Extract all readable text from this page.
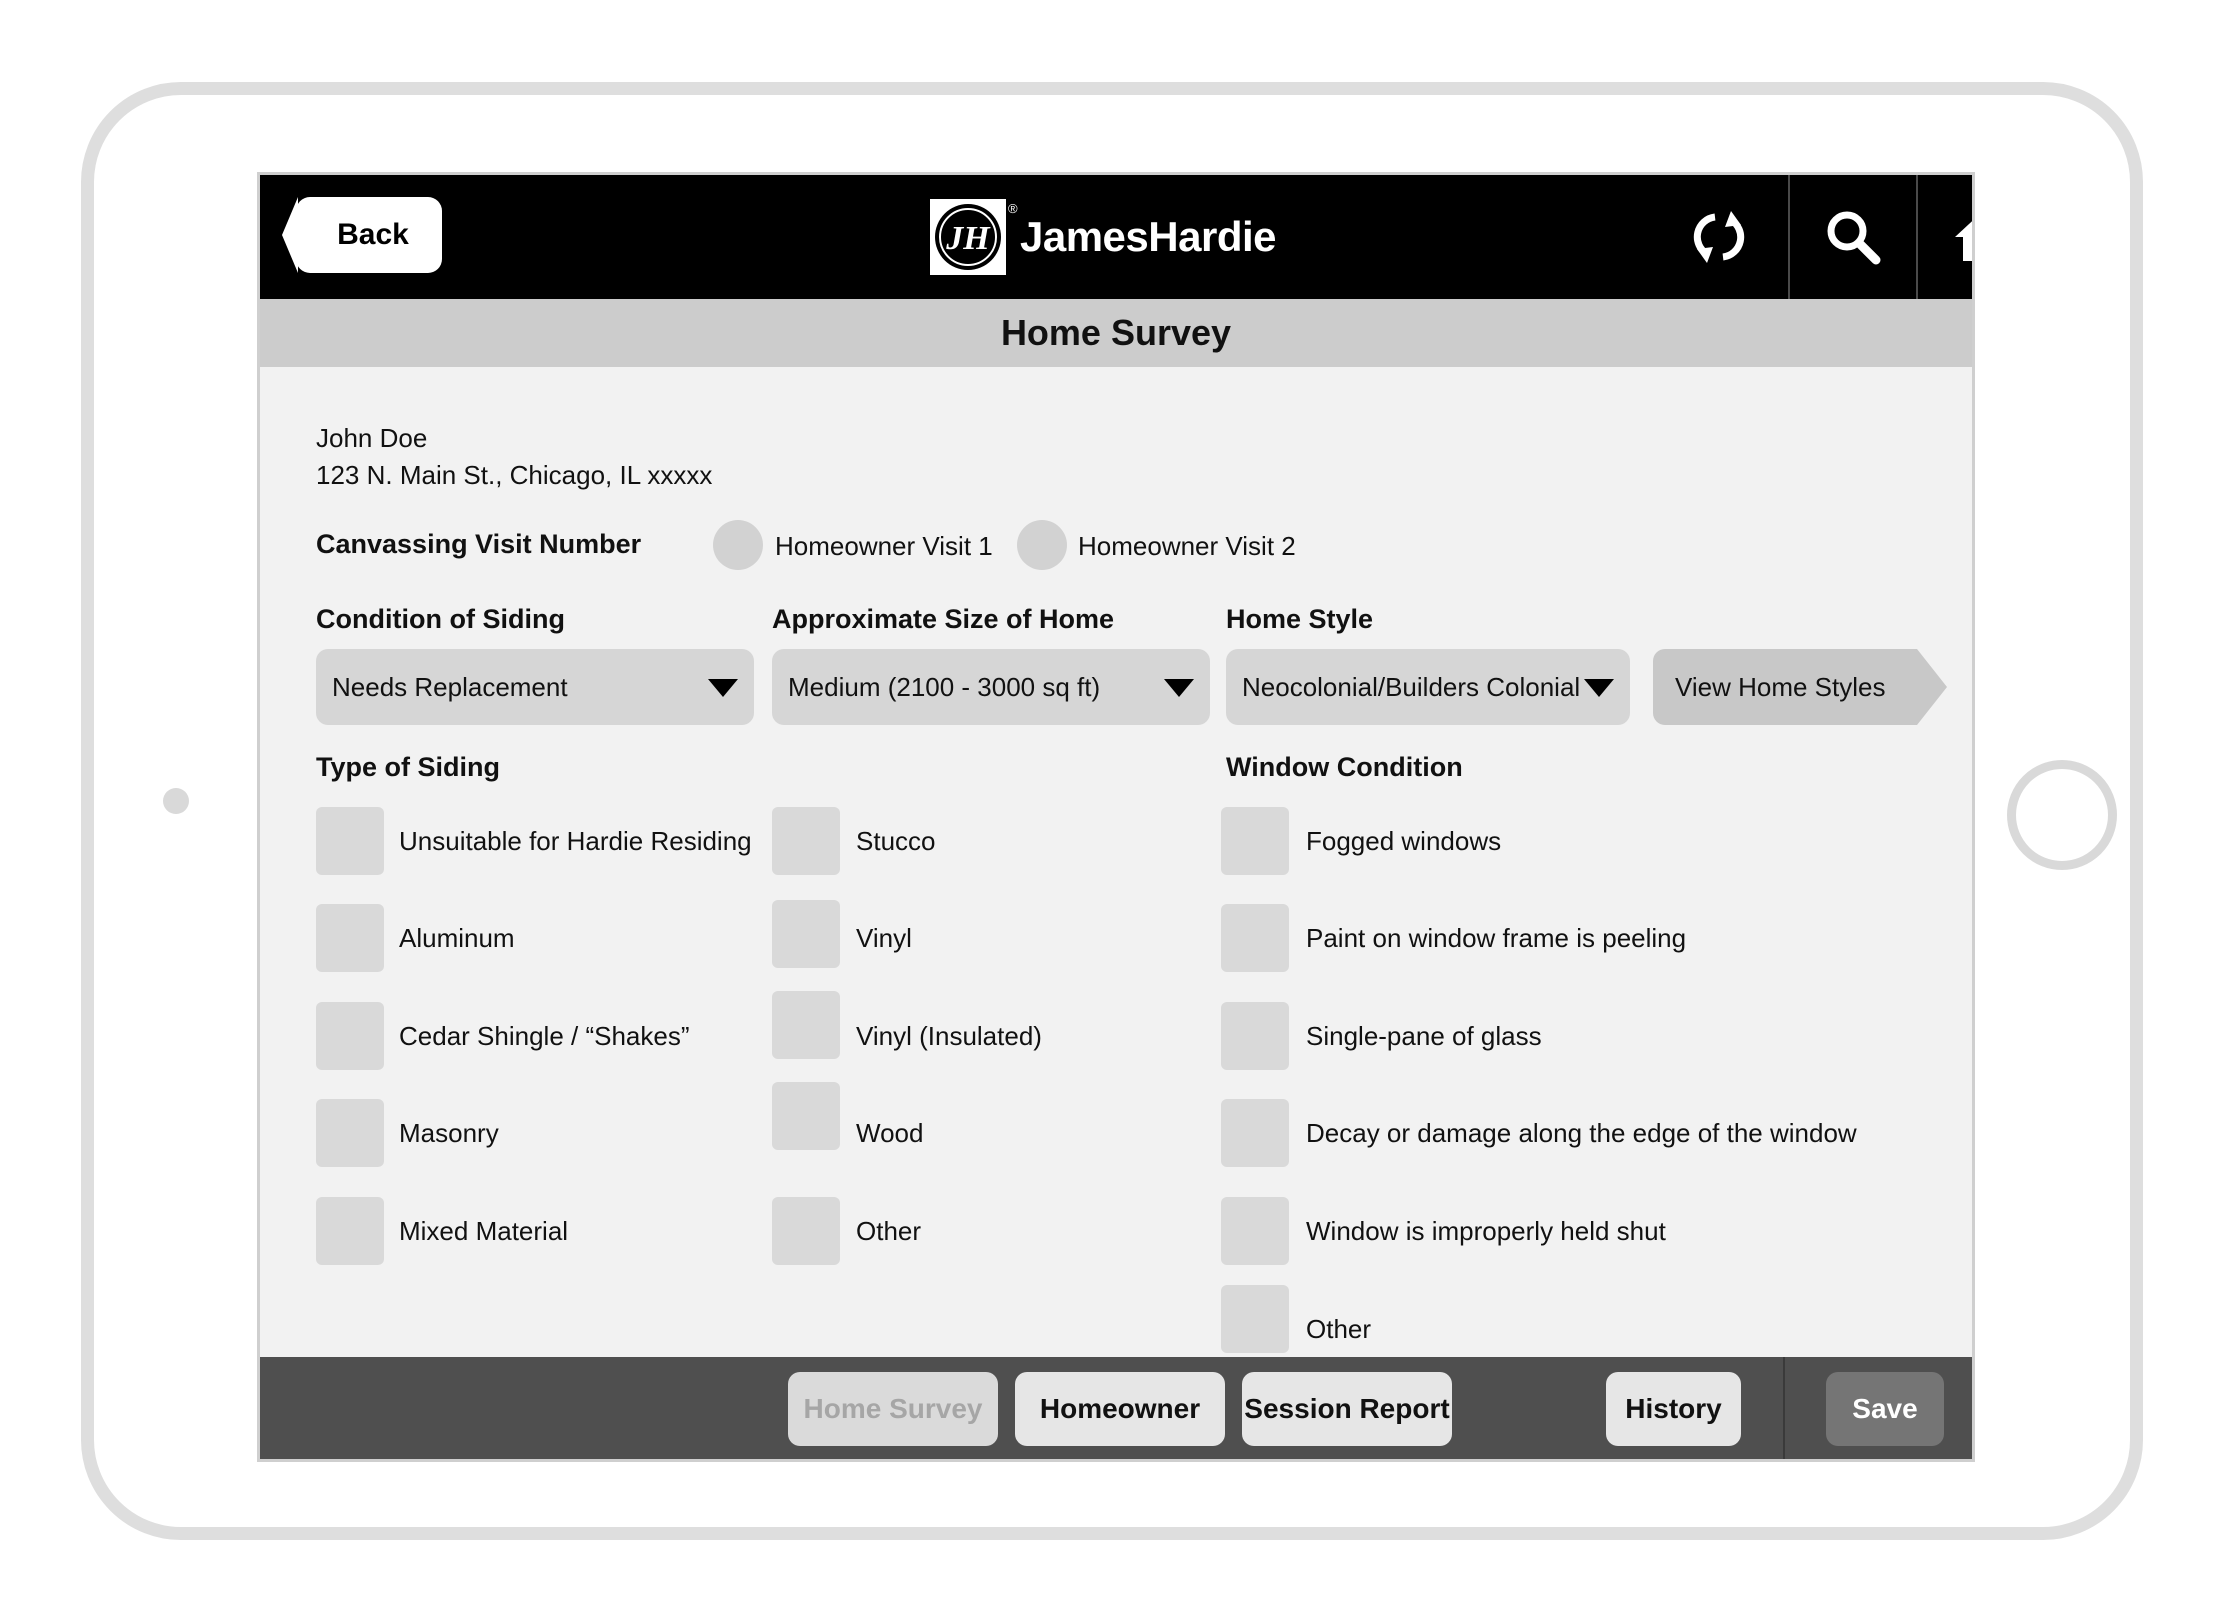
Back	JH
®
JamesHardie
Home Survey
John Doe
123 N. Main St., Chicago, IL xxxxx
Canvassing Visit Number	Homeowner Visit 1	Homeowner Visit 2
Condition of Siding	Approximate Size of Home	Home Style
Needs Replacement	Medium (2100 - 3000 sq ft)	Neocolonial/Builders Colonial	View Home Styles
Type of Siding	Window Condition
Unsuitable for Hardie Residing
Aluminum
Cedar Shingle / “Shakes”
Masonry
Mixed Material
Stucco
Vinyl
Vinyl (Insulated)
Wood
Other
Fogged windows
Paint on window frame is peeling
Single-pane of glass
Decay or damage along the edge of the window
Window is improperly held shut
Other
Home Survey	Homeowner	Session Report	History	Save
